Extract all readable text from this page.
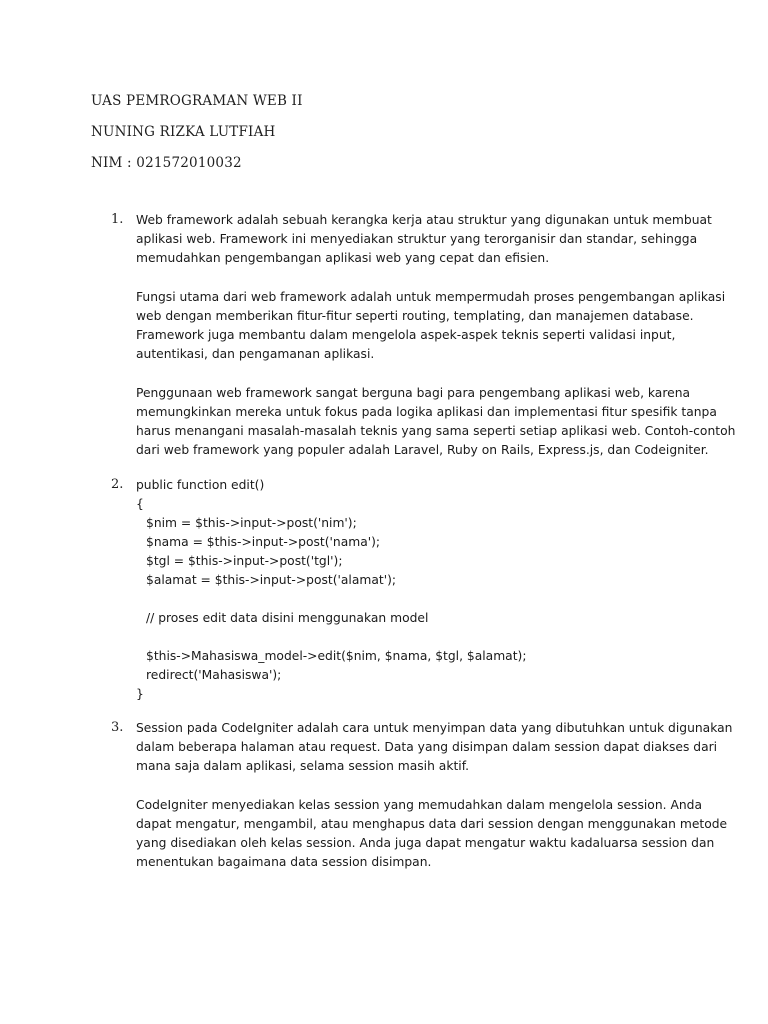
UAS PEMROGRAMAN WEB II
NUNING RIZKA LUTFIAH
NIM : 021572010032
1. Web framework adalah sebuah kerangka kerja atau struktur yang digunakan untuk membuat
aplikasi web. Framework ini menyediakan struktur yang terorganisir dan standar, sehingga
memudahkan pengembangan aplikasi web yang cepat dan efisien.
Fungsi utama dari web framework adalah untuk mempermudah proses pengembangan aplikasi
web dengan memberikan fitur-fitur seperti routing, templating, dan manajemen database.
Framework juga membantu dalam mengelola aspek-aspek teknis seperti validasi input,
autentikasi, dan pengamanan aplikasi.
Penggunaan web framework sangat berguna bagi para pengembang aplikasi web, karena
memungkinkan mereka untuk fokus pada logika aplikasi dan implementasi fitur spesifik tanpa
harus menangani masalah-masalah teknis yang sama seperti setiap aplikasi web. Contoh-contoh
dari web framework yang populer adalah Laravel, Ruby on Rails, Express.js, dan Codeigniter.
2. public function edit()
{
$nim = $this->input->post('nim');
$nama = $this->input->post('nama');
$tgl = $this->input->post('tgl');
$alamat = $this->input->post('alamat');
// proses edit data disini menggunakan model
$this->Mahasiswa_model->edit($nim, $nama, $tgl, $alamat);
redirect('Mahasiswa');
}
3. Session pada CodeIgniter adalah cara untuk menyimpan data yang dibutuhkan untuk digunakan
dalam beberapa halaman atau request. Data yang disimpan dalam session dapat diakses dari
mana saja dalam aplikasi, selama session masih aktif.
CodeIgniter menyediakan kelas session yang memudahkan dalam mengelola session. Anda
dapat mengatur, mengambil, atau menghapus data dari session dengan menggunakan metode
yang disediakan oleh kelas session. Anda juga dapat mengatur waktu kadaluarsa session dan
menentukan bagaimana data session disimpan.
